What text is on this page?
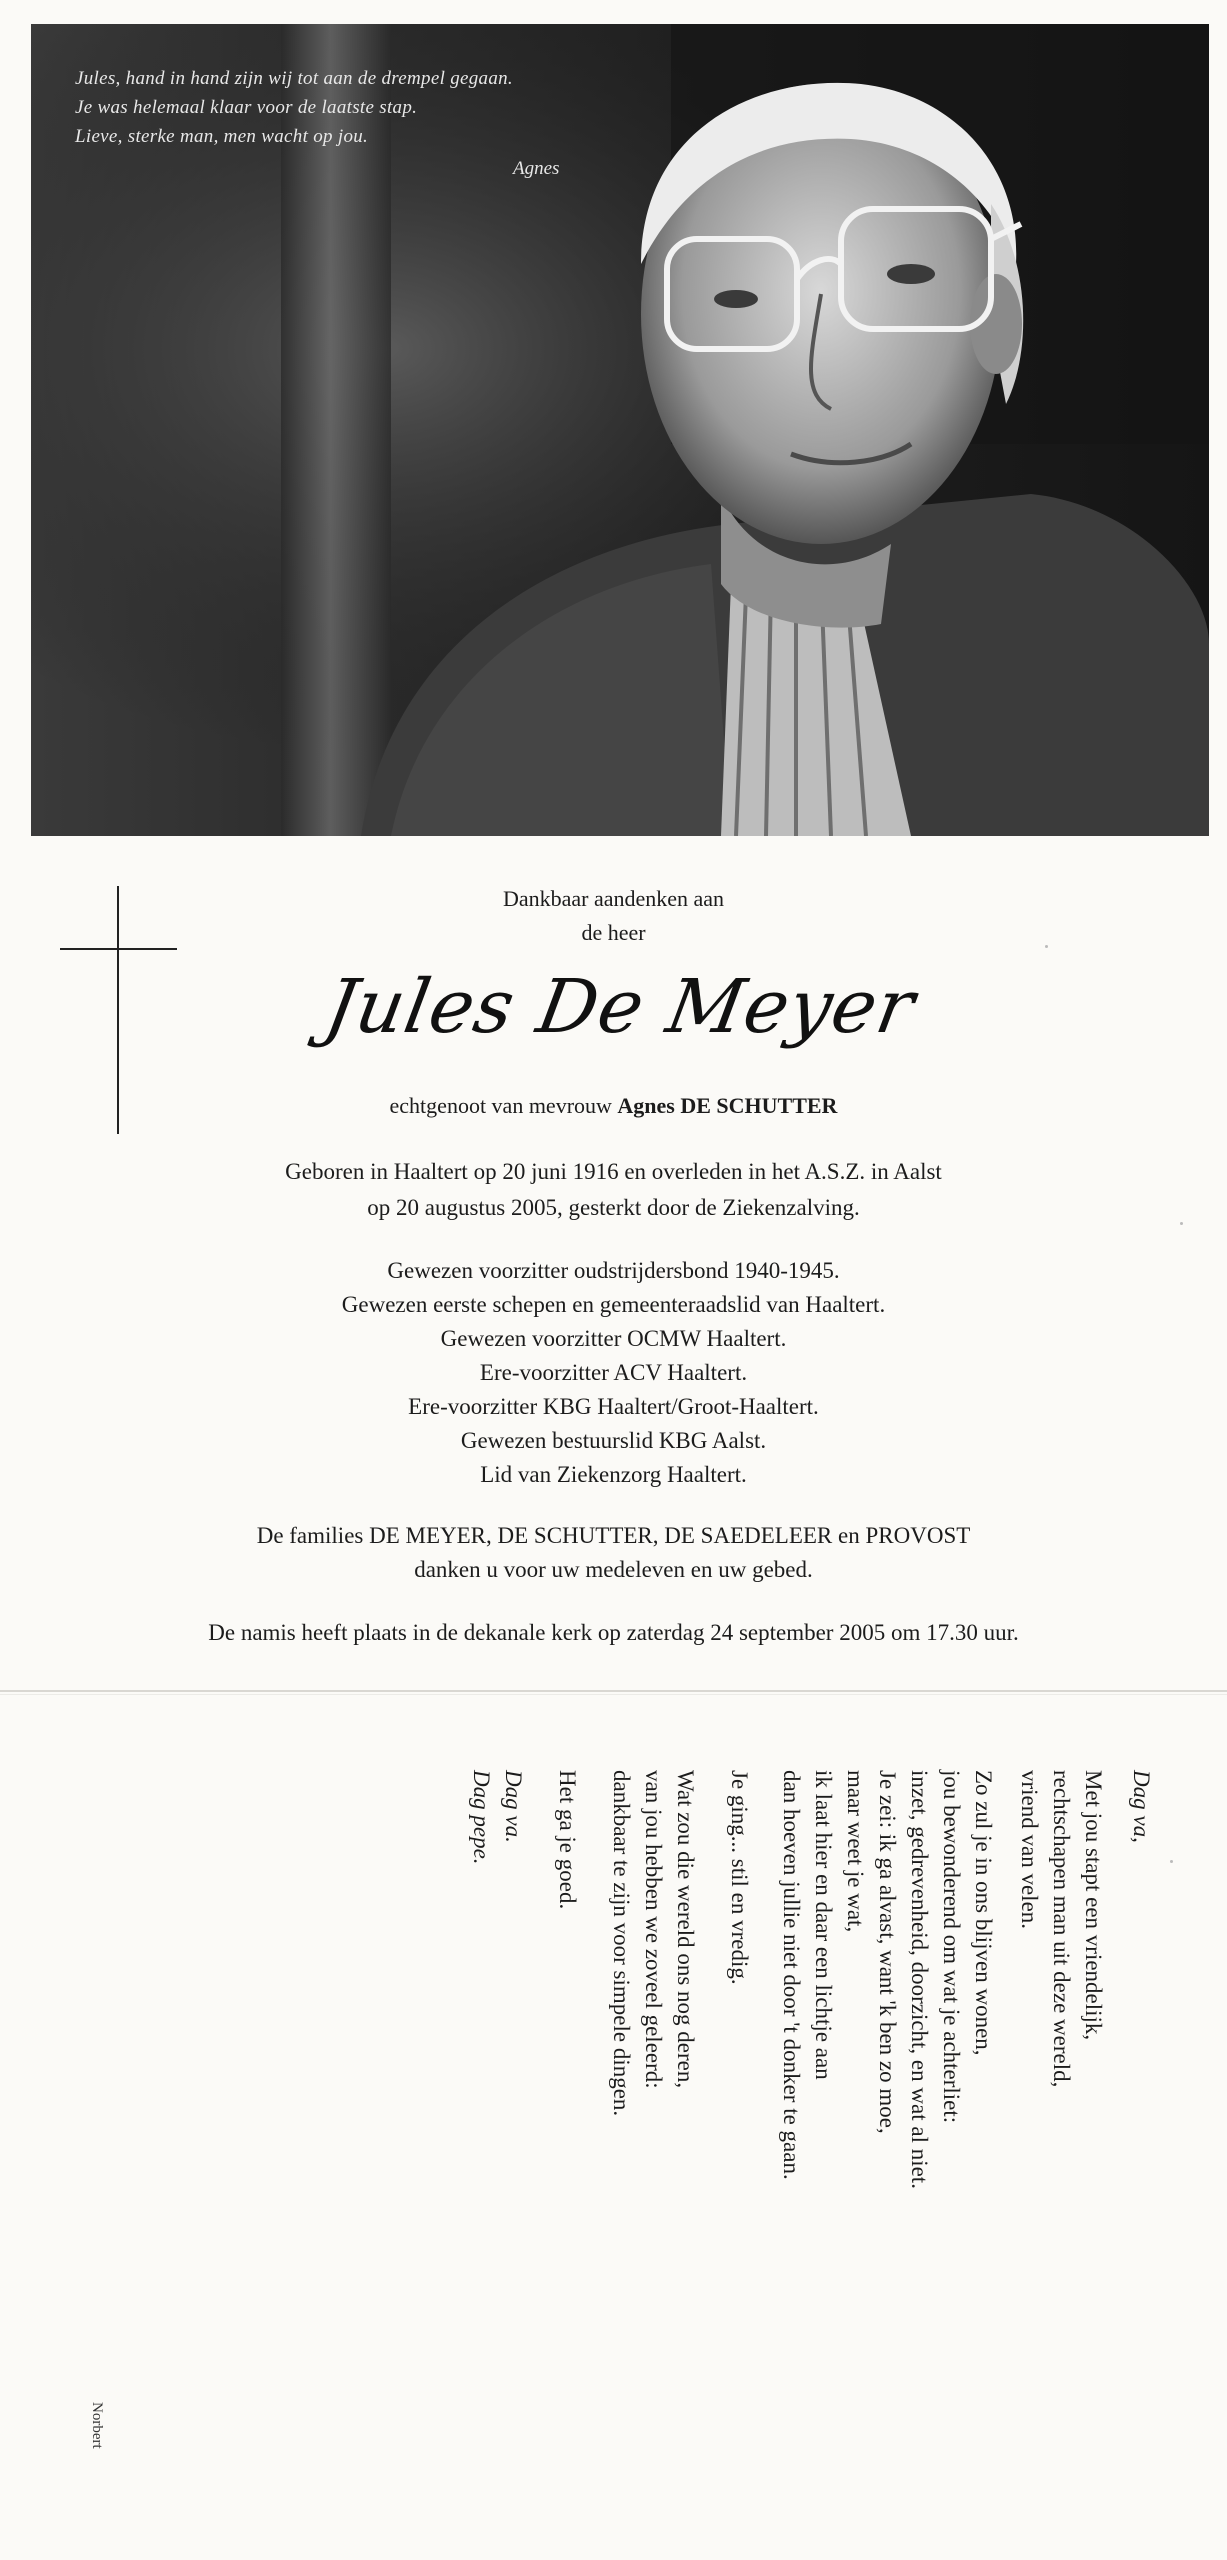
Jules, hand in hand zijn wij tot aan de drempel gegaan.
Je was helemaal klaar voor de laatste stap.
Lieve, sterke man, men wacht op jou.
Agnes
Dankbaar aandenken aan
de heer
Jules De Meyer
echtgenoot van mevrouw Agnes DE SCHUTTER
Geboren in Haaltert op 20 juni 1916 en overleden in het A.S.Z. in Aalst
op 20 augustus 2005, gesterkt door de Ziekenzalving.
Gewezen voorzitter oudstrijdersbond 1940-1945.
Gewezen eerste schepen en gemeenteraadslid van Haaltert.
Gewezen voorzitter OCMW Haaltert.
Ere-voorzitter ACV Haaltert.
Ere-voorzitter KBG Haaltert/Groot-Haaltert.
Gewezen bestuurslid KBG Aalst.
Lid van Ziekenzorg Haaltert.
De families DE MEYER, DE SCHUTTER, DE SAEDELEER en PROVOST
danken u voor uw medeleven en uw gebed.
De namis heeft plaats in de dekanale kerk op zaterdag 24 september 2005 om 17.30 uur.
Dag va,
Met jou stapt een vriendelijk,
rechtschapen man uit deze wereld,
vriend van velen.
Zo zul je in ons blijven wonen,
jou bewonderend om wat je achterliet:
inzet, gedrevenheid, doorzicht, en wat al niet.
Je zei: ik ga alvast, want 'k ben zo moe,
maar weet je wat,
ik laat hier en daar een lichtje aan
dan hoeven jullie niet door 't donker te gaan.
Je ging... stil en vredig.
Wat zou die wereld ons nog deren,
van jou hebben we zoveel geleerd:
dankbaar te zijn voor simpele dingen.
Het ga je goed.
Dag va.
Dag pepe.
Norbert
